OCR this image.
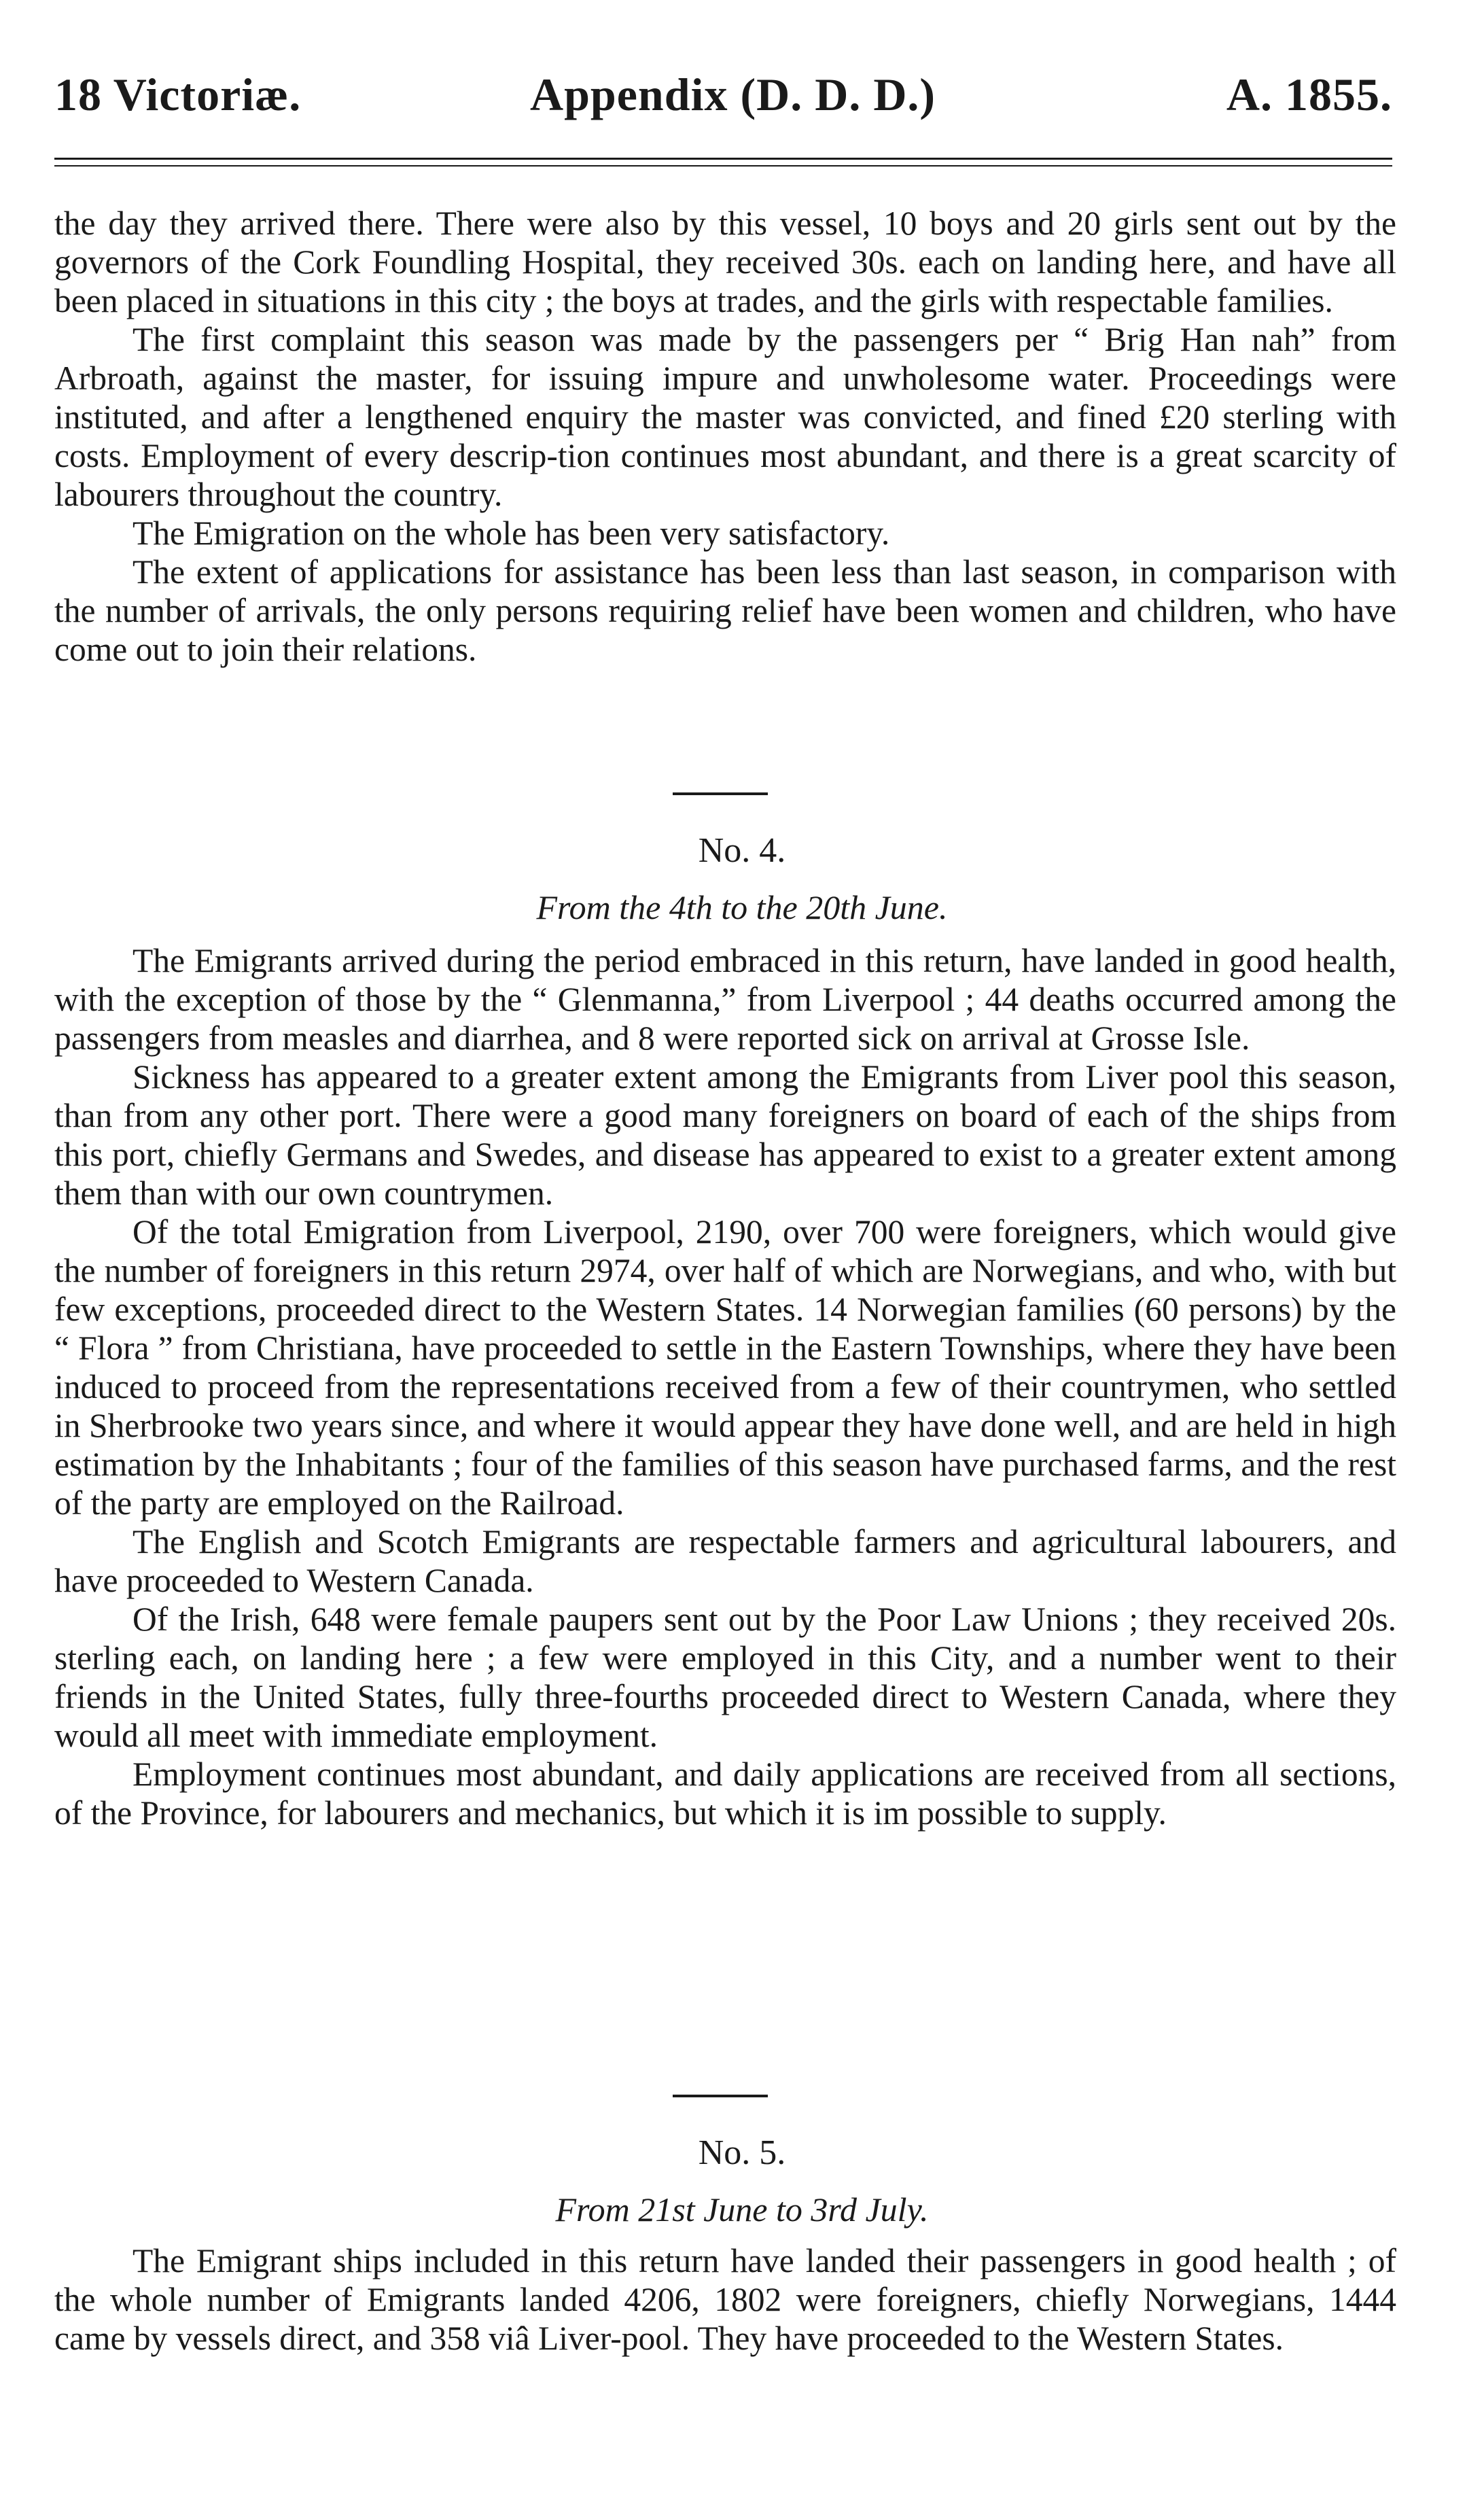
18 Victoriæ.	Appendix (D. D. D.)	A. 1855.

the day they arrived there. There were also by this vessel, 10 boys and 20 girls sent out by the governors of the Cork Foundling Hospital, they received 30s. each on landing here, and have all been placed in situations in this city ; the boys at trades, and the girls with respectable families.

The first complaint this season was made by the passengers per “ Brig Han nah” from Arbroath, against the master, for issuing impure and unwholesome water. Proceedings were instituted, and after a lengthened enquiry the master was convicted, and fined £20 sterling with costs. Employment of every descrip-tion continues most abundant, and there is a great scarcity of labourers throughout the country.

The Emigration on the whole has been very satisfactory.

The extent of applications for assistance has been less than last season, in comparison with the number of arrivals, the only persons requiring relief have been women and children, who have come out to join their relations.

No. 4.
From the 4th to the 20th June.

The Emigrants arrived during the period embraced in this return, have landed in good health, with the exception of those by the “ Glenmanna,” from Liverpool ; 44 deaths occurred among the passengers from measles and diarrhea, and 8 were reported sick on arrival at Grosse Isle.

Sickness has appeared to a greater extent among the Emigrants from Liver pool this season, than from any other port. There were a good many foreigners on board of each of the ships from this port, chiefly Germans and Swedes, and disease has appeared to exist to a greater extent among them than with our own countrymen.

Of the total Emigration from Liverpool, 2190, over 700 were foreigners, which would give the number of foreigners in this return 2974, over half of which are Norwegians, and who, with but few exceptions, proceeded direct to the Western States. 14 Norwegian families (60 persons) by the “ Flora ” from Christiana, have proceeded to settle in the Eastern Townships, where they have been induced to proceed from the representations received from a few of their countrymen, who settled in Sherbrooke two years since, and where it would appear they have done well, and are held in high estimation by the Inhabitants ; four of the families of this season have purchased farms, and the rest of the party are employed on the Railroad.

The English and Scotch Emigrants are respectable farmers and agricultural labourers, and have proceeded to Western Canada.

Of the Irish, 648 were female paupers sent out by the Poor Law Unions ; they received 20s. sterling each, on landing here ; a few were employed in this City, and a number went to their friends in the United States, fully three-fourths proceeded direct to Western Canada, where they would all meet with immediate employment.

Employment continues most abundant, and daily applications are received from all sections, of the Province, for labourers and mechanics, but which it is im possible to supply.

No. 5.
From 21st June to 3rd July.

The Emigrant ships included in this return have landed their passengers in good health ; of the whole number of Emigrants landed 4206, 1802 were foreigners, chiefly Norwegians, 1444 came by vessels direct, and 358 viâ Liver-pool. They have proceeded to the Western States.
